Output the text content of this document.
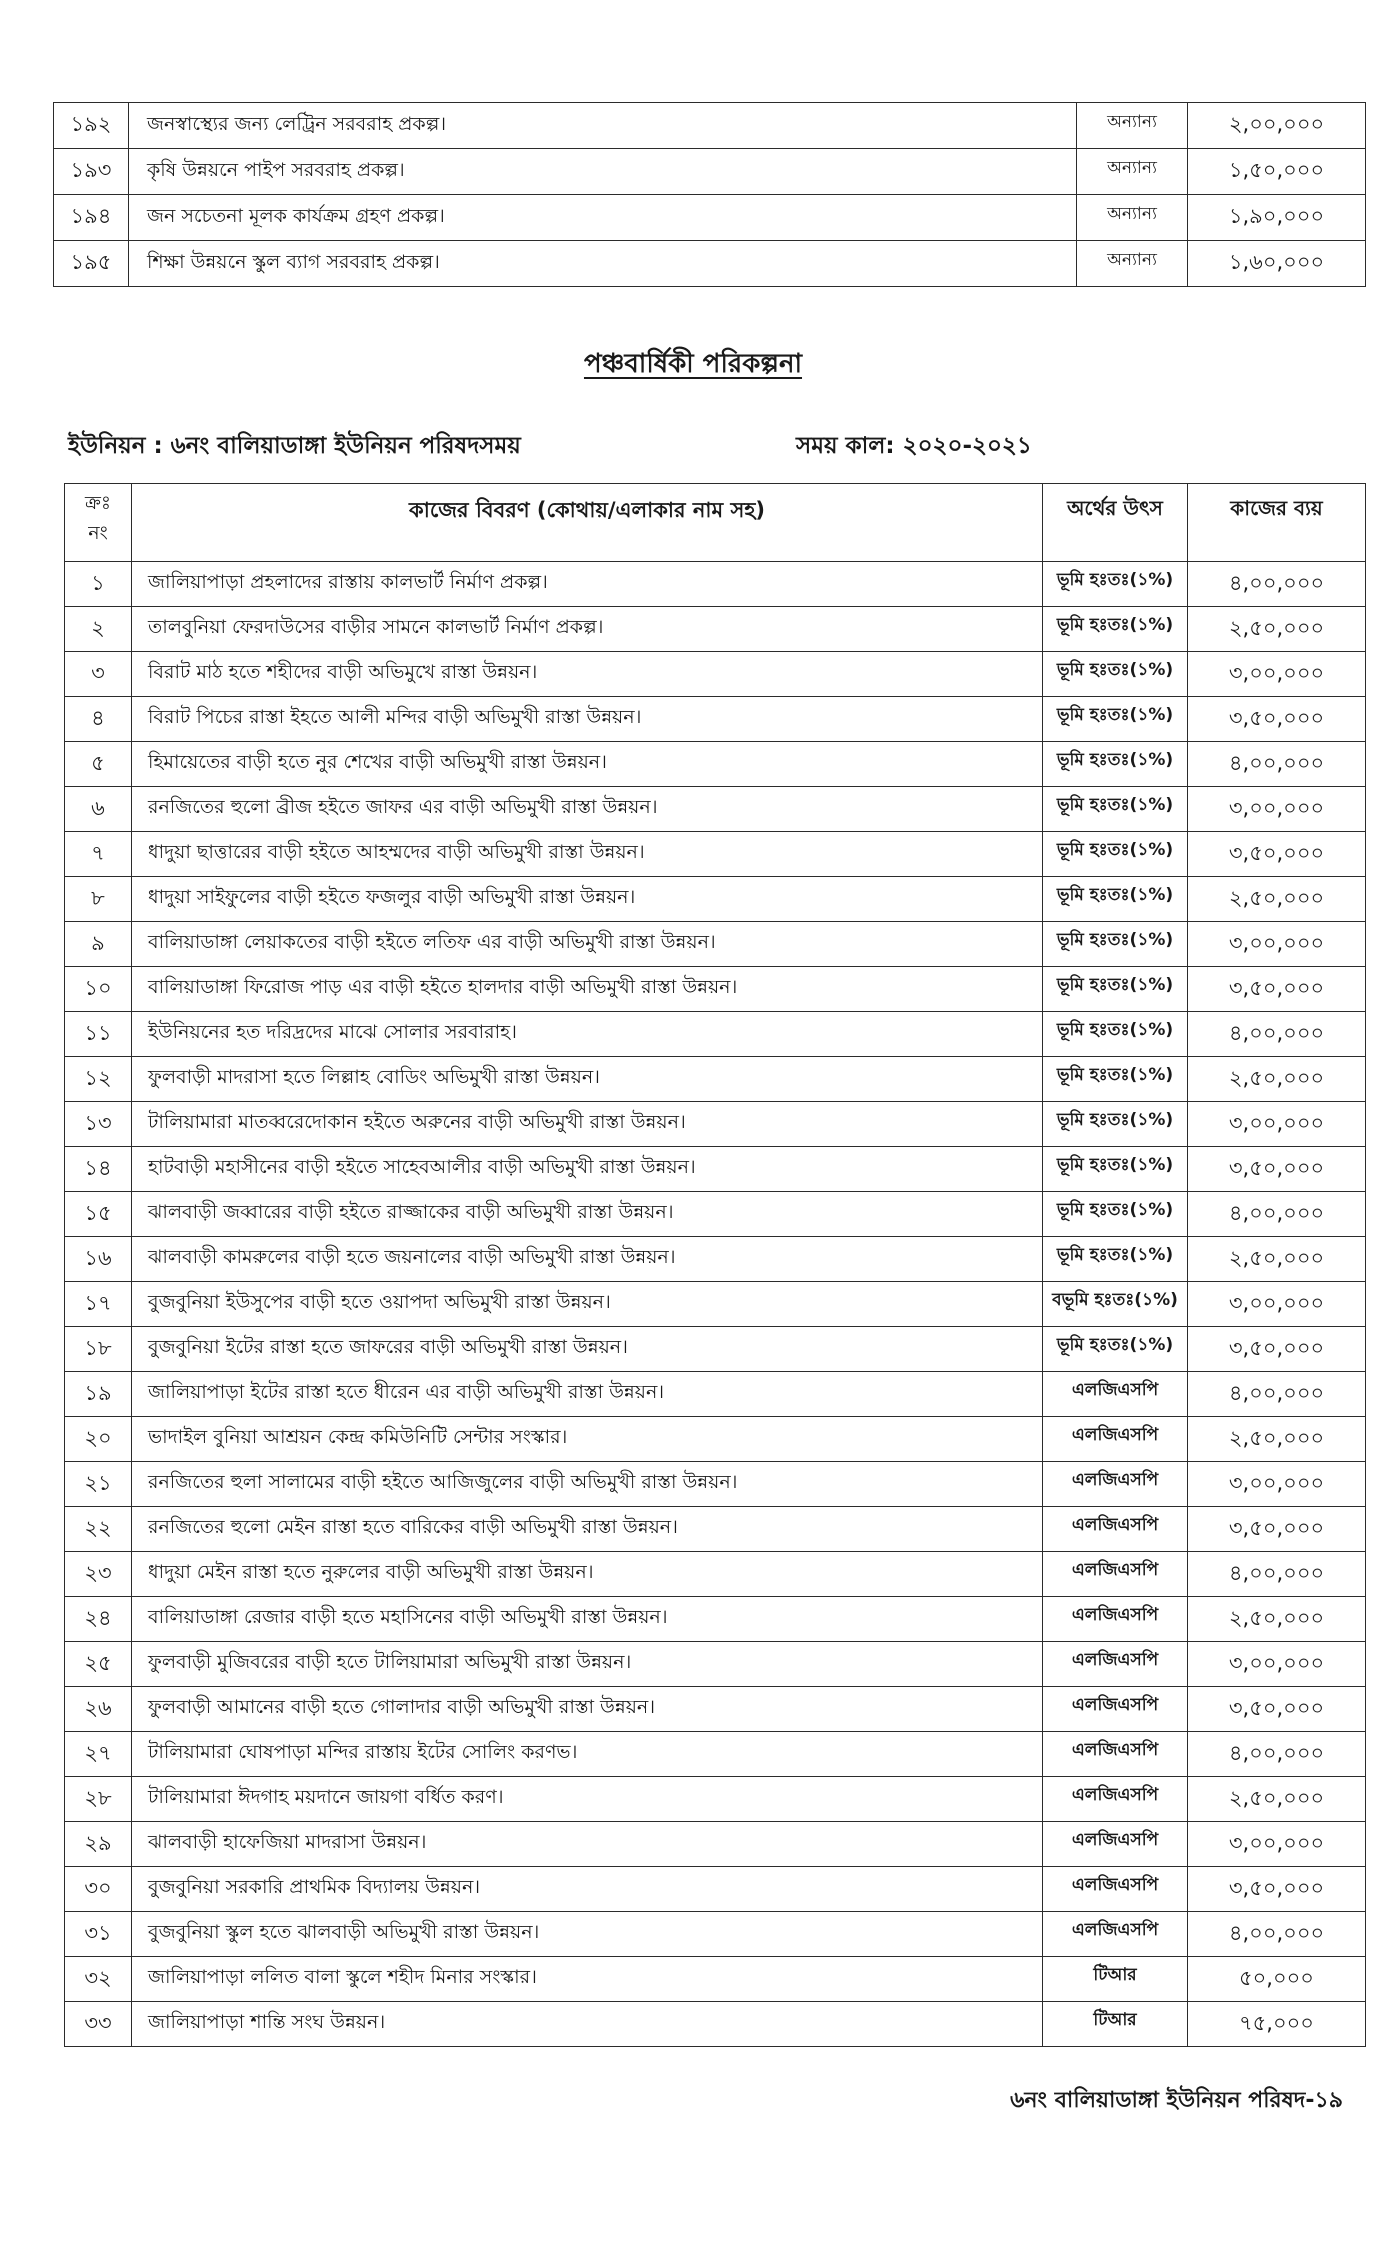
১৯২	জনস্বাস্থ্যের জন্য লেট্রিন সরবরাহ প্রকল্প।	অন্যান্য	২,০০,০০০
১৯৩	কৃষি উন্নয়নে পাইপ সরবরাহ প্রকল্প।	অন্যান্য	১,৫০,০০০
১৯৪	জন সচেতনা মূলক কার্যক্রম গ্রহণ প্রকল্প।	অন্যান্য	১,৯০,০০০
১৯৫	শিক্ষা উন্নয়নে স্কুল ব্যাগ সরবরাহ প্রকল্প।	অন্যান্য	১,৬০,০০০
পঞ্চবার্ষিকী পরিকল্পনা
ইউনিয়ন : ৬নং বালিয়াডাঙ্গা ইউনিয়ন পরিষদসময়	সময় কাল: ২০২০-২০২১
ক্রঃ
নং	কাজের বিবরণ (কোথায়/এলাকার নাম সহ)	অর্থের উৎস	কাজের ব্যয়
১	জালিয়াপাড়া প্রহলাদের রাস্তায় কালভার্ট নির্মাণ প্রকল্প।	ভূমি হঃতঃ(১%)	৪,০০,০০০
২	তালবুনিয়া ফেরদাউসের বাড়ীর সামনে কালভার্ট নির্মাণ প্রকল্প।	ভূমি হঃতঃ(১%)	২,৫০,০০০
৩	বিরাট মাঠ হতে শহীদের বাড়ী অভিমুখে রাস্তা উন্নয়ন।	ভূমি হঃতঃ(১%)	৩,০০,০০০
৪	বিরাট পিচের রাস্তা ইহতে আলী মন্দির বাড়ী অভিমুখী রাস্তা উন্নয়ন।	ভূমি হঃতঃ(১%)	৩,৫০,০০০
৫	হিমায়েতের বাড়ী হতে নুর শেখের বাড়ী অভিমুখী রাস্তা উন্নয়ন।	ভূমি হঃতঃ(১%)	৪,০০,০০০
৬	রনজিতের হুলো ব্রীজ হইতে জাফর এর বাড়ী অভিমুখী রাস্তা উন্নয়ন।	ভূমি হঃতঃ(১%)	৩,০০,০০০
৭	ধাদুয়া ছাত্তারের বাড়ী হইতে আহম্মদের বাড়ী অভিমুখী রাস্তা উন্নয়ন।	ভূমি হঃতঃ(১%)	৩,৫০,০০০
৮	ধাদুয়া সাইফুলের বাড়ী হইতে ফজলুর বাড়ী অভিমুখী রাস্তা উন্নয়ন।	ভূমি হঃতঃ(১%)	২,৫০,০০০
৯	বালিয়াডাঙ্গা লেয়াকতের বাড়ী হইতে লতিফ এর বাড়ী অভিমুখী রাস্তা উন্নয়ন।	ভূমি হঃতঃ(১%)	৩,০০,০০০
১০	বালিয়াডাঙ্গা ফিরোজ পাড় এর বাড়ী হইতে হালদার বাড়ী অভিমুখী রাস্তা উন্নয়ন।	ভূমি হঃতঃ(১%)	৩,৫০,০০০
১১	ইউনিয়নের হত দরিদ্রদের মাঝে সোলার সরবারাহ।	ভূমি হঃতঃ(১%)	৪,০০,০০০
১২	ফুলবাড়ী মাদরাসা হতে লিল্লাহ বোডিং অভিমুখী রাস্তা উন্নয়ন।	ভূমি হঃতঃ(১%)	২,৫০,০০০
১৩	টালিয়ামারা মাতব্বরেদোকান হইতে অরুনের বাড়ী অভিমুখী রাস্তা উন্নয়ন।	ভূমি হঃতঃ(১%)	৩,০০,০০০
১৪	হাটবাড়ী মহাসীনের বাড়ী হইতে সাহেবআলীর বাড়ী অভিমুখী রাস্তা উন্নয়ন।	ভূমি হঃতঃ(১%)	৩,৫০,০০০
১৫	ঝালবাড়ী জব্বারের বাড়ী হইতে রাজ্জাকের বাড়ী অভিমুখী রাস্তা উন্নয়ন।	ভূমি হঃতঃ(১%)	৪,০০,০০০
১৬	ঝালবাড়ী কামরুলের বাড়ী হতে জয়নালের বাড়ী অভিমুখী রাস্তা উন্নয়ন।	ভূমি হঃতঃ(১%)	২,৫০,০০০
১৭	বুজবুনিয়া ইউসুপের বাড়ী হতে ওয়াপদা অভিমুখী রাস্তা উন্নয়ন।	বভূমি হঃতঃ(১%)	৩,০০,০০০
১৮	বুজবুনিয়া ইটের রাস্তা হতে জাফরের বাড়ী অভিমুখী রাস্তা উন্নয়ন।	ভূমি হঃতঃ(১%)	৩,৫০,০০০
১৯	জালিয়াপাড়া ইটের রাস্তা হতে ধীরেন এর বাড়ী অভিমুখী রাস্তা উন্নয়ন।	এলজিএসপি	৪,০০,০০০
২০	ভাদাইল বুনিয়া আশ্রয়ন কেন্দ্র কমিউনিটি সেন্টার সংস্কার।	এলজিএসপি	২,৫০,০০০
২১	রনজিতের হুলা সালামের বাড়ী হইতে আজিজুলের বাড়ী অভিমুখী রাস্তা উন্নয়ন।	এলজিএসপি	৩,০০,০০০
২২	রনজিতের হুলো মেইন রাস্তা হতে বারিকের বাড়ী অভিমুখী রাস্তা উন্নয়ন।	এলজিএসপি	৩,৫০,০০০
২৩	ধাদুয়া মেইন রাস্তা হতে নুরুলের বাড়ী অভিমুখী রাস্তা উন্নয়ন।	এলজিএসপি	৪,০০,০০০
২৪	বালিয়াডাঙ্গা রেজার বাড়ী হতে মহাসিনের বাড়ী অভিমুখী রাস্তা উন্নয়ন।	এলজিএসপি	২,৫০,০০০
২৫	ফুলবাড়ী মুজিবরের বাড়ী হতে টালিয়ামারা অভিমুখী রাস্তা উন্নয়ন।	এলজিএসপি	৩,০০,০০০
২৬	ফুলবাড়ী আমানের বাড়ী হতে গোলাদার বাড়ী অভিমুখী রাস্তা উন্নয়ন।	এলজিএসপি	৩,৫০,০০০
২৭	টালিয়ামারা ঘোষপাড়া মন্দির রাস্তায় ইটের সোলিং করণভ।	এলজিএসপি	৪,০০,০০০
২৮	টালিয়ামারা ঈদগাহ ময়দানে জায়গা বর্ধিত করণ।	এলজিএসপি	২,৫০,০০০
২৯	ঝালবাড়ী হাফেজিয়া মাদরাসা উন্নয়ন।	এলজিএসপি	৩,০০,০০০
৩০	বুজবুনিয়া সরকারি প্রাথমিক বিদ্যালয় উন্নয়ন।	এলজিএসপি	৩,৫০,০০০
৩১	বুজবুনিয়া স্কুল হতে ঝালবাড়ী অভিমুখী রাস্তা উন্নয়ন।	এলজিএসপি	৪,০০,০০০
৩২	জালিয়াপাড়া ললিত বালা স্কুলে শহীদ মিনার সংস্কার।	টিআর	৫০,০০০
৩৩	জালিয়াপাড়া শান্তি সংঘ উন্নয়ন।	টিআর	৭৫,০০০
৬নং বালিয়াডাঙ্গা ইউনিয়ন পরিষদ-১৯
